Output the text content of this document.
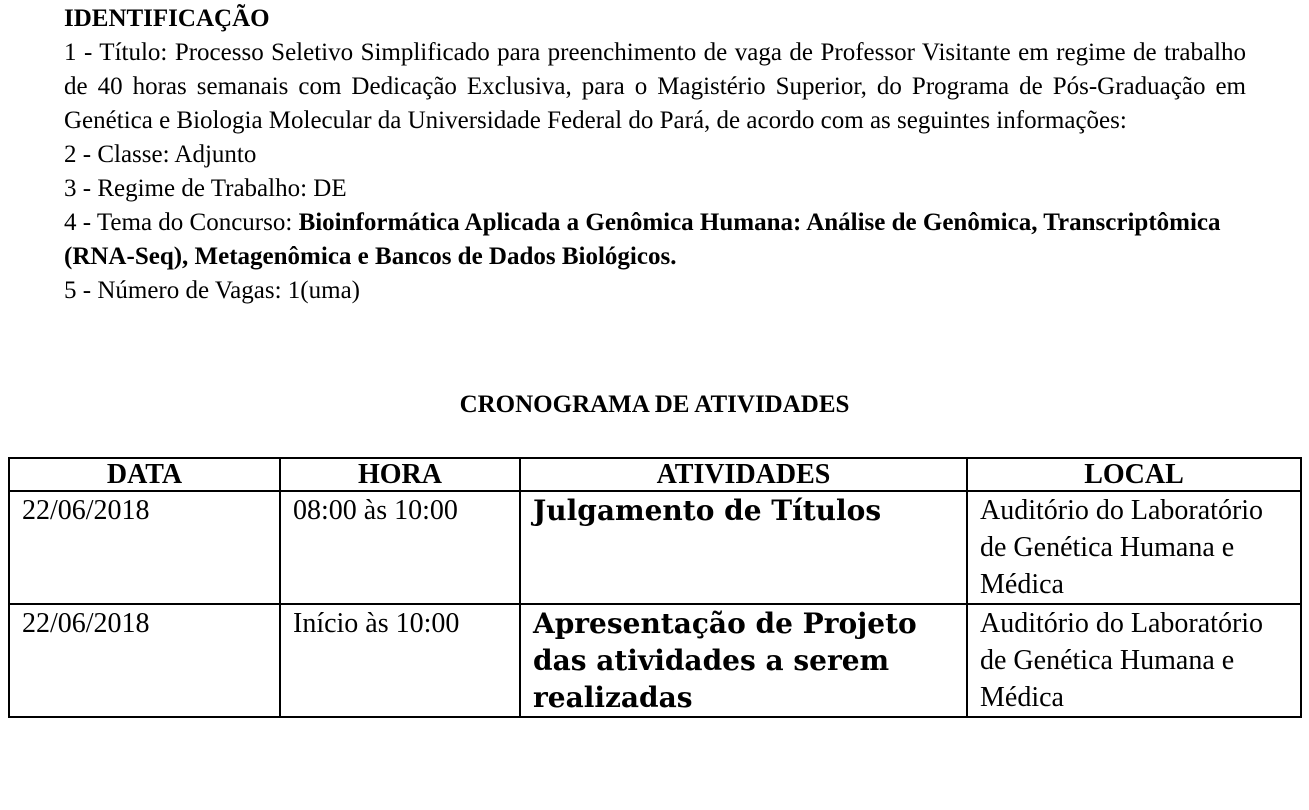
IDENTIFICAÇÃO
1 - Título: Processo Seletivo Simplificado para preenchimento de vaga de Professor Visitante em regime de trabalho de 40 horas semanais com Dedicação Exclusiva, para o Magistério Superior, do Programa de Pós-Graduação em Genética e Biologia Molecular da Universidade Federal do Pará, de acordo com as seguintes informações:
2 - Classe: Adjunto
3 - Regime de Trabalho: DE
4 - Tema do Concurso: Bioinformática Aplicada a Genômica Humana: Análise de Genômica, Transcriptômica (RNA-Seq), Metagenômica e Bancos de Dados Biológicos.
5 - Número de Vagas: 1(uma)
CRONOGRAMA DE ATIVIDADES
DATA	HORA	ATIVIDADES	LOCAL
22/06/2018	08:00 às 10:00	Julgamento de Títulos	Auditório do Laboratório de Genética Humana e Médica
22/06/2018	Início às 10:00	Apresentação de Projeto das atividades a serem realizadas	Auditório do Laboratório de Genética Humana e Médica
